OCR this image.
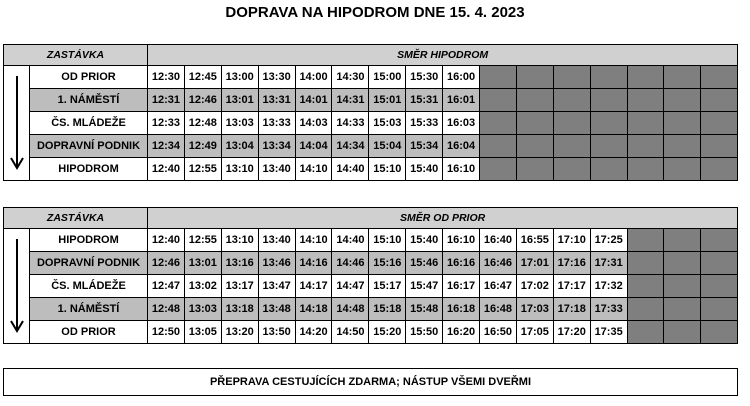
DOPRAVA NA HIPODROM DNE 15. 4. 2023
ZASTÁVKA		SMĚR HIPODROM															
	OD PRIOR	12:30	12:45	13:00	13:30	14:00	14:30	15:00	15:30	16:00							
	1. NÁMĚSTÍ	12:31	12:46	13:01	13:31	14:01	14:31	15:01	15:31	16:01							
	ČS. MLÁDEŽE	12:33	12:48	13:03	13:33	14:03	14:33	15:03	15:33	16:03							
	DOPRAVNÍ PODNIK	12:34	12:49	13:04	13:34	14:04	14:34	15:04	15:34	16:04							
	HIPODROM	12:40	12:55	13:10	13:40	14:10	14:40	15:10	15:40	16:10							
ZASTÁVKA		SMĚR OD PRIOR															
	HIPODROM	12:40	12:55	13:10	13:40	14:10	14:40	15:10	15:40	16:10	16:40	16:55	17:10	17:25			
	DOPRAVNÍ PODNIK	12:46	13:01	13:16	13:46	14:16	14:46	15:16	15:46	16:16	16:46	17:01	17:16	17:31			
	ČS. MLÁDEŽE	12:47	13:02	13:17	13:47	14:17	14:47	15:17	15:47	16:17	16:47	17:02	17:17	17:32			
	1. NÁMĚSTÍ	12:48	13:03	13:18	13:48	14:18	14:48	15:18	15:48	16:18	16:48	17:03	17:18	17:33			
	OD PRIOR	12:50	13:05	13:20	13:50	14:20	14:50	15:20	15:50	16:20	16:50	17:05	17:20	17:35			
PŘEPRAVA CESTUJÍCÍCH ZDARMA; NÁSTUP VŠEMI DVEŘMI
